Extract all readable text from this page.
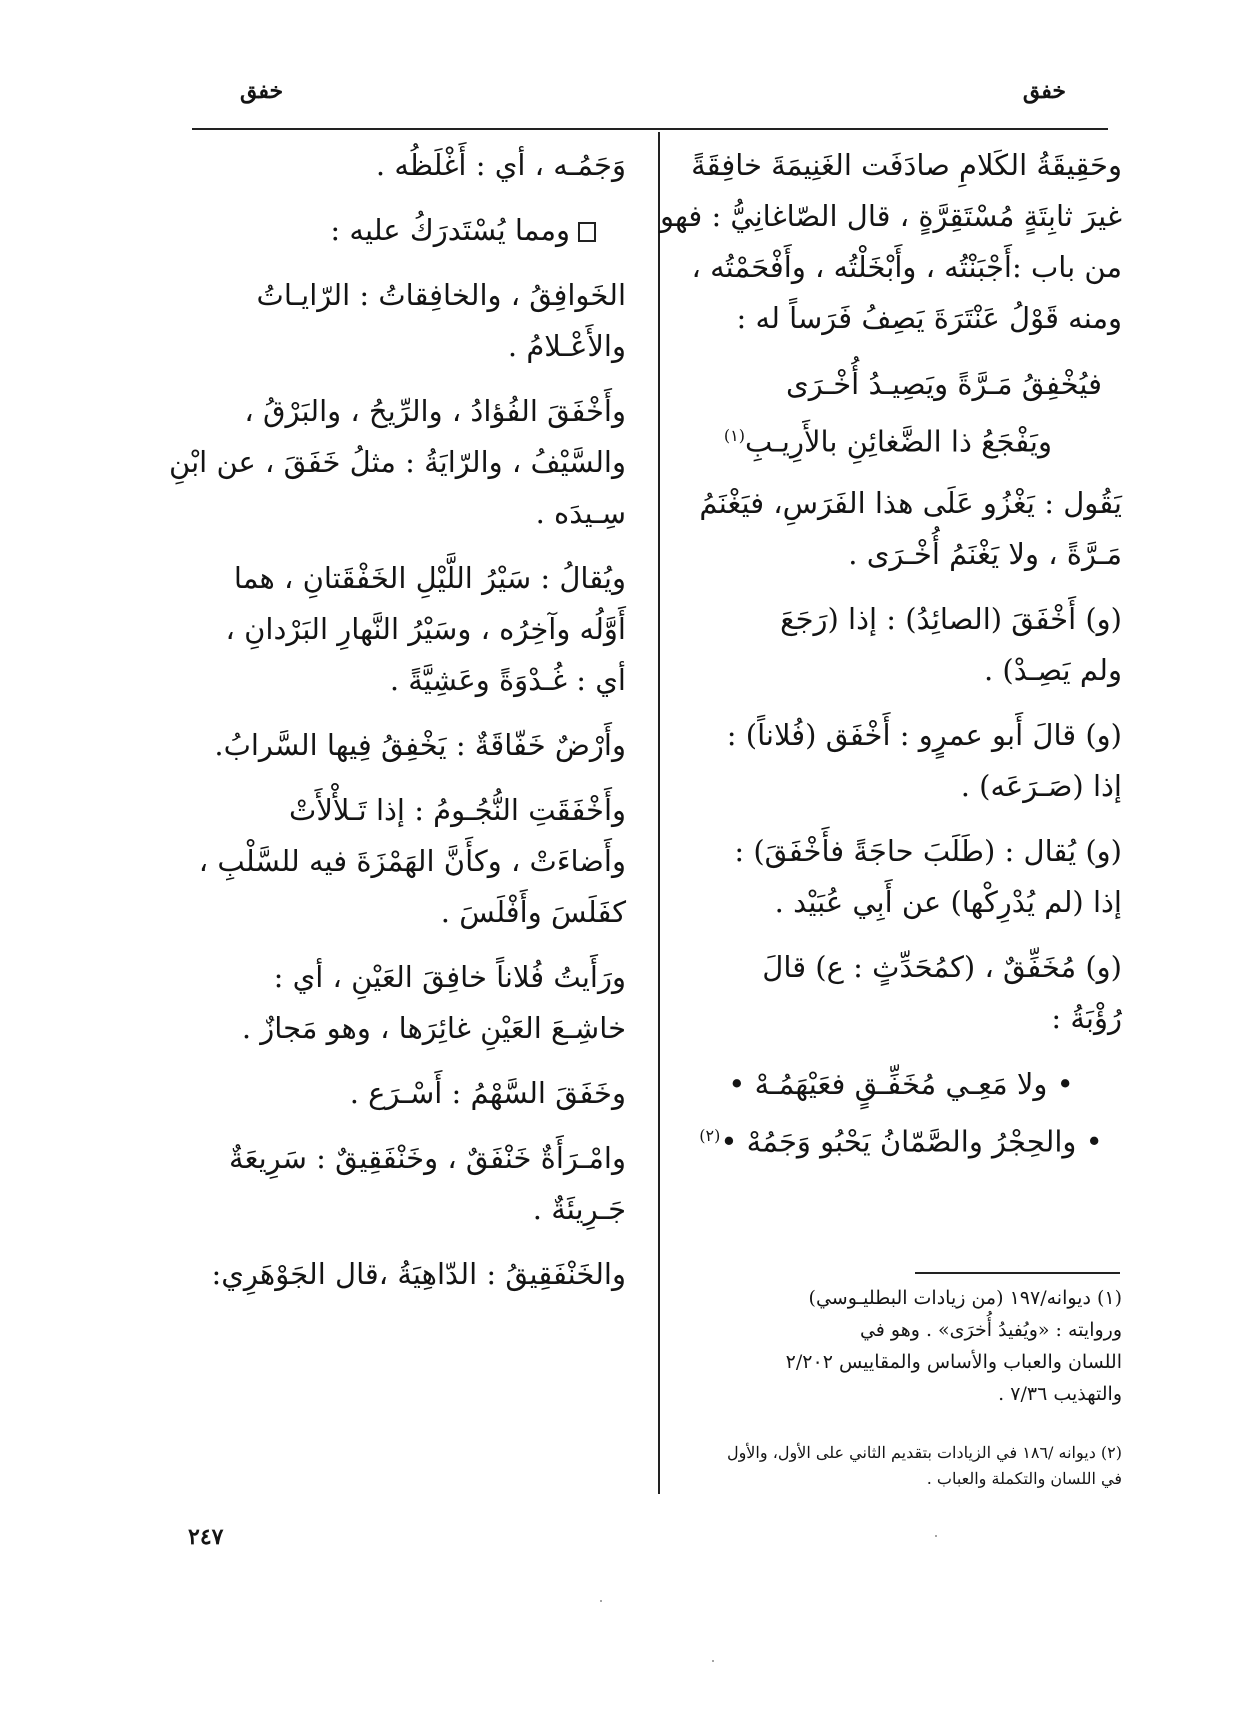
خفق
خفق
وحَقِيقَةُ الكَلامِ صادَفَت الغَنِيمَةَ خافِقَةً
غيرَ ثابِتَةٍ مُسْتَقِرَّةٍ ، قال الصّاغانِيُّ : فهو
من باب :أَجْبَنْتُه ، وأَبْخَلْتُه ، وأَفْحَمْتُه ،
ومنه قَوْلُ عَنْتَرَةَ يَصِفُ فَرَساً له :
فيُخْفِقُ مَـرَّةً ويَصِيـدُ أُخْـرَى
ويَفْجَعُ ذا الضَّغائِنِ بالأَرِيـبِ$^{(١)}$
يَقُول : يَغْزُو عَلَى هذا الفَرَسِ، فيَغْنَمُ
مَـرَّةً ، ولا يَغْنَمُ أُخْـرَى .
(و) أَخْفَقَ (الصائِدُ) : إذا (رَجَعَ
ولم يَصِـدْ) .
(و) قالَ أَبو عمرٍو : أَخْفَق (فُلاناً) :
إذا (صَـرَعَه) .
(و) يُقال : (طَلَبَ حاجَةً فأَخْفَقَ) :
إذا (لم يُدْرِكْها) عن أَبِي عُبَيْد .
(و) مُخَفِّقٌ ، (كمُحَدِّثٍ : ع) قالَ
رُؤْبَةُ :
• ولا مَعِـي مُخَفِّـقٍ فعَيْهَمُـهْ •
• والحِجْرُ والصَّمّانُ يَحْبُو وَجَمُهْ •$^{(٢)}$
(١) ديوانه/١٩٧ (من زيادات البطليـوسي)
وروايته : «ويُفيدُ أُخرَى» . وهو في
اللسان والعباب والأساس والمقاييس ٢/٢٠٢
والتهذيب ٧/٣٦ .
(٢) ديوانه /١٨٦ في الزيادات بتقديم الثاني على الأول، والأول
في اللسان والتكملة والعباب .
وَجَمُـه ، أي : أَغْلَظُه .
ومما يُسْتَدرَكُ عليه :
الخَوافِقُ ، والخافِقاتُ : الرّايـاتُ
والأَعْـلامُ .
وأَخْفَقَ الفُؤادُ ، والرِّيحُ ، والبَرْقُ ،
والسَّيْفُ ، والرّايَةُ : مثلُ خَفَقَ ، عن ابْنِ
سِـيدَه .
ويُقالُ : سَيْرُ اللَّيْلِ الخَفْقَتانِ ، هما
أَوَّلُه وآخِرُه ، وسَيْرُ النَّهارِ البَرْدانِ ،
أي : غُـدْوَةً وعَشِيَّةً .
وأَرْضٌ خَفّاقَةٌ : يَخْفِقُ فِيها السَّرابُ.
وأَخْفَقَتِ النُّجُـومُ : إذا تَـلأْلأَتْ
وأَضاءَتْ ، وكأَنَّ الهَمْزَةَ فيه للسَّلْبِ ،
كفَلَسَ وأَفْلَسَ .
ورَأَيتُ فُلاناً خافِقَ العَيْنِ ، أي :
خاشِـعَ العَيْنِ غائِرَها ، وهو مَجازٌ .
وخَفَقَ السَّهْمُ : أَسْـرَع .
وامْـرَأَةٌ خَنْفَقٌ ، وخَنْفَقِيقٌ : سَرِيعَةٌ
جَـرِيئَةٌ .
والخَنْفَقِيقُ : الدّاهِيَةُ ،قال الجَوْهَرِي:
٢٤٧
